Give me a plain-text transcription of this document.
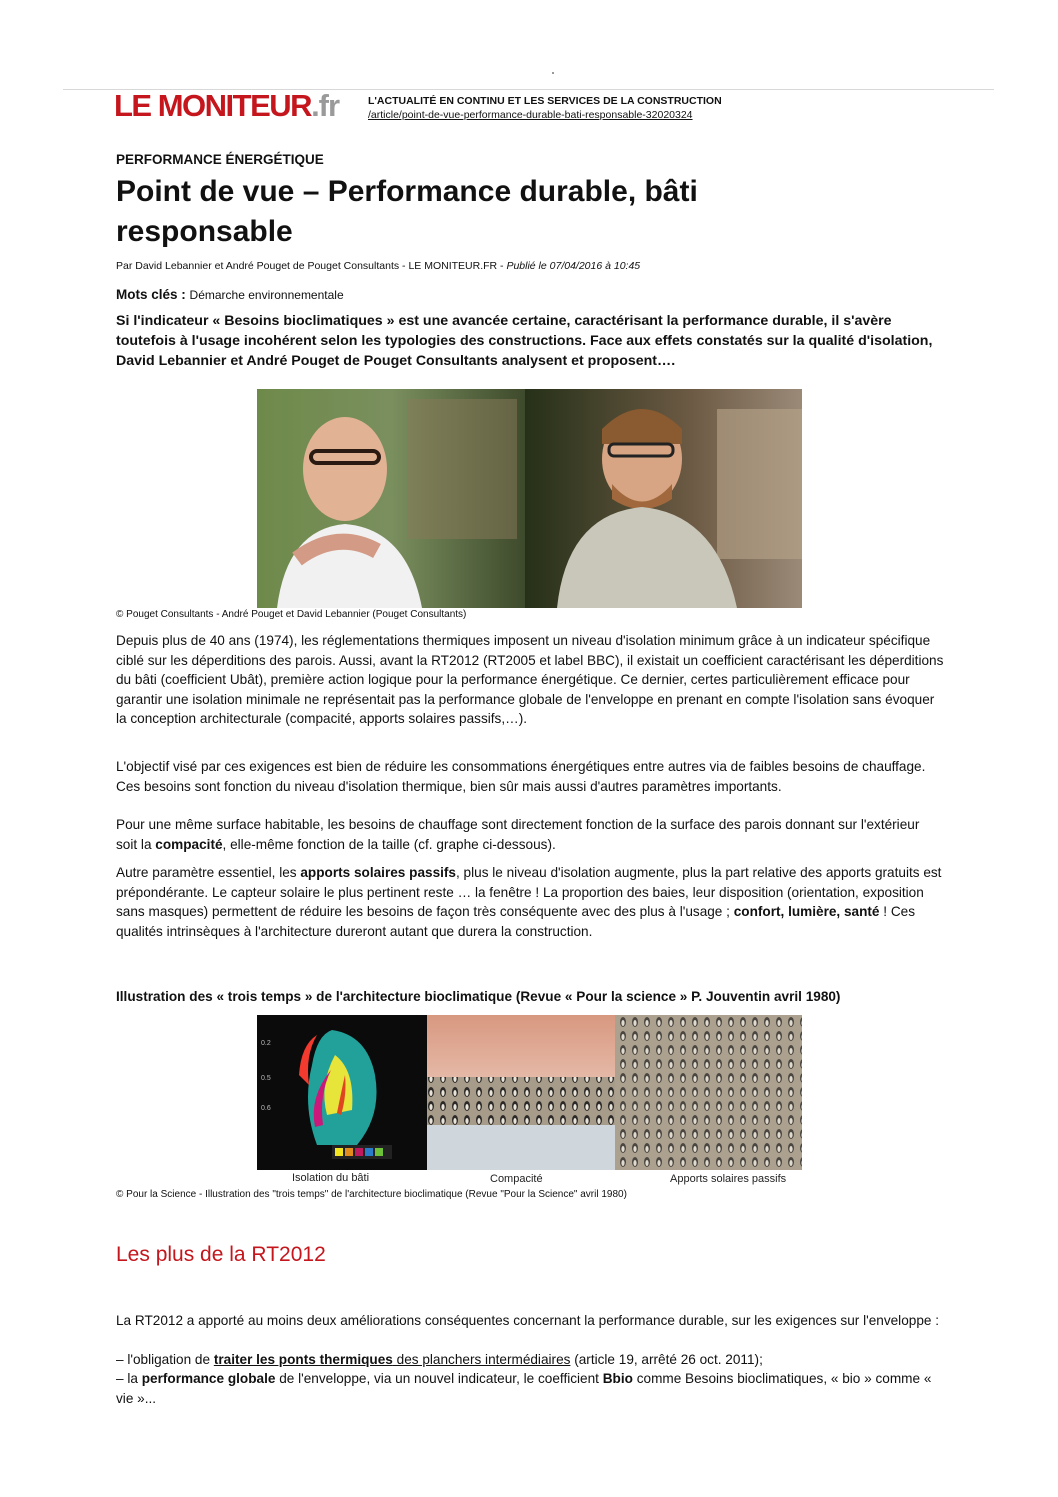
LE MONITEUR .fr	L'ACTUALITÉ EN CONTINU ET LES SERVICES DE LA CONSTRUCTION
/article/point-de-vue-performance-durable-bati-responsable-32020324
PERFORMANCE ÉNERGÉTIQUE
Point de vue – Performance durable, bâti responsable
Par David Lebannier et André Pouget de Pouget Consultants - LE MONITEUR.FR - Publié le 07/04/2016 à 10:45
Mots clés : Démarche environnementale
Si l'indicateur « Besoins bioclimatiques » est une avancée certaine, caractérisant la performance durable, il s'avère toutefois à l'usage incohérent selon les typologies des constructions. Face aux effets constatés sur la qualité d'isolation, David Lebannier et André Pouget de Pouget Consultants analysent et proposent….
© Pouget Consultants - André Pouget et David Lebannier (Pouget Consultants)

Depuis plus de 40 ans (1974), les réglementations thermiques imposent un niveau d'isolation minimum grâce à un indicateur spécifique ciblé sur les déperditions des parois. Aussi, avant la RT2012 (RT2005 et label BBC), il existait un coefficient caractérisant les déperditions du bâti (coefficient Ubât), première action logique pour la performance énergétique. Ce dernier, certes particulièrement efficace pour garantir une isolation minimale ne représentait pas la performance globale de l'enveloppe en prenant en compte l'isolation sans évoquer la conception architecturale (compacité, apports solaires passifs,…).

L'objectif visé par ces exigences est bien de réduire les consommations énergétiques entre autres via de faibles besoins de chauffage. Ces besoins sont fonction du niveau d'isolation thermique, bien sûr mais aussi d'autres paramètres importants.

Pour une même surface habitable, les besoins de chauffage sont directement fonction de la surface des parois donnant sur l'extérieur soit la compacité, elle-même fonction de la taille (cf. graphe ci-dessous).

Autre paramètre essentiel, les apports solaires passifs, plus le niveau d'isolation augmente, plus la part relative des apports gratuits est prépondérante. Le capteur solaire le plus pertinent reste … la fenêtre ! La proportion des baies, leur disposition (orientation, exposition sans masques) permettent de réduire les besoins de façon très conséquente avec des plus à l'usage ; confort, lumière, santé ! Ces qualités intrinsèques à l'architecture dureront autant que durera la construction.

Illustration des « trois temps » de l'architecture bioclimatique (Revue « Pour la science » P. Jouventin avril 1980)
0.2
0.5
0.6
Isolation du bâti	Compacité	Apports solaires passifs
© Pour la Science - Illustration des "trois temps" de l'architecture bioclimatique (Revue "Pour la Science" avril 1980)
Les plus de la RT2012

La RT2012 a apporté au moins deux améliorations conséquentes concernant la performance durable, sur les exigences sur l'enveloppe :

– l'obligation de traiter les ponts thermiques des planchers intermédiaires (article 19, arrêté 26 oct. 2011);

– la performance globale de l'enveloppe, via un nouvel indicateur, le coefficient Bbio comme Besoins bioclimatiques, « bio » comme « vie »...
